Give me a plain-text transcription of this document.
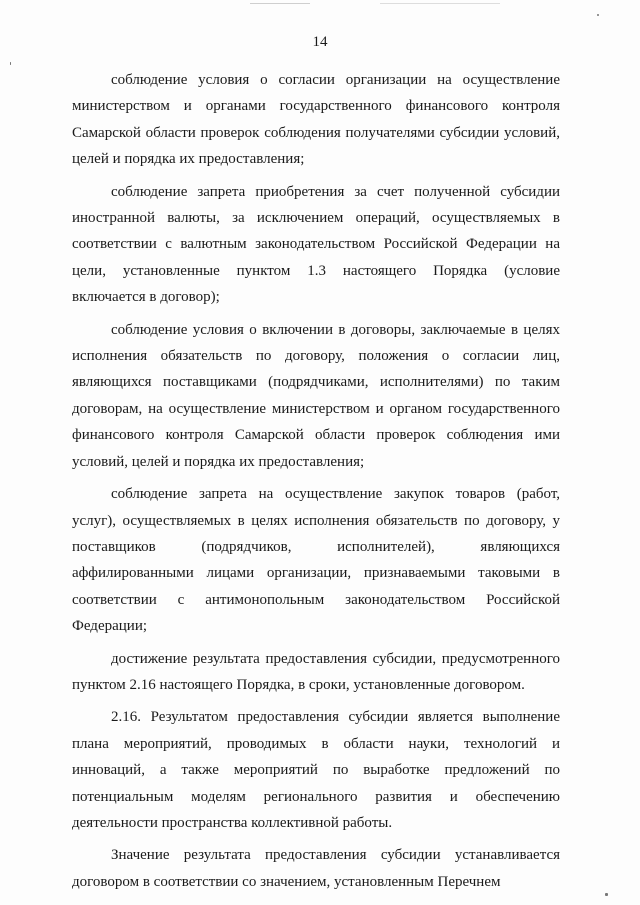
14
соблюдение условия о согласии организации на осуществление
министерством и органами государственного финансового контроля
Самарской области проверок соблюдения получателями субсидии условий,
целей и порядка их предоставления;
соблюдение запрета приобретения за счет полученной субсидии
иностранной валюты, за исключением операций, осуществляемых в
соответствии с валютным законодательством Российской Федерации на
цели, установленные пунктом 1.3 настоящего Порядка (условие
включается в договор);
соблюдение условия о включении в договоры, заключаемые в целях
исполнения обязательств по договору, положения о согласии лиц,
являющихся поставщиками (подрядчиками, исполнителями) по таким
договорам, на осуществление министерством и органом государственного
финансового контроля Самарской области проверок соблюдения ими
условий, целей и порядка их предоставления;
соблюдение запрета на осуществление закупок товаров (работ,
услуг), осуществляемых в целях исполнения обязательств по договору, у
поставщиков (подрядчиков, исполнителей), являющихся
аффилированными лицами организации, признаваемыми таковыми в
соответствии с антимонопольным законодательством Российской
Федерации;
достижение результата предоставления субсидии, предусмотренного
пунктом 2.16 настоящего Порядка, в сроки, установленные договором.
2.16. Результатом предоставления субсидии является выполнение
плана мероприятий, проводимых в области науки, технологий и
инноваций, а также мероприятий по выработке предложений по
потенциальным моделям регионального развития и обеспечению
деятельности пространства коллективной работы.
Значение результата предоставления субсидии устанавливается
договором в соответствии со значением, установленным Перечнем
